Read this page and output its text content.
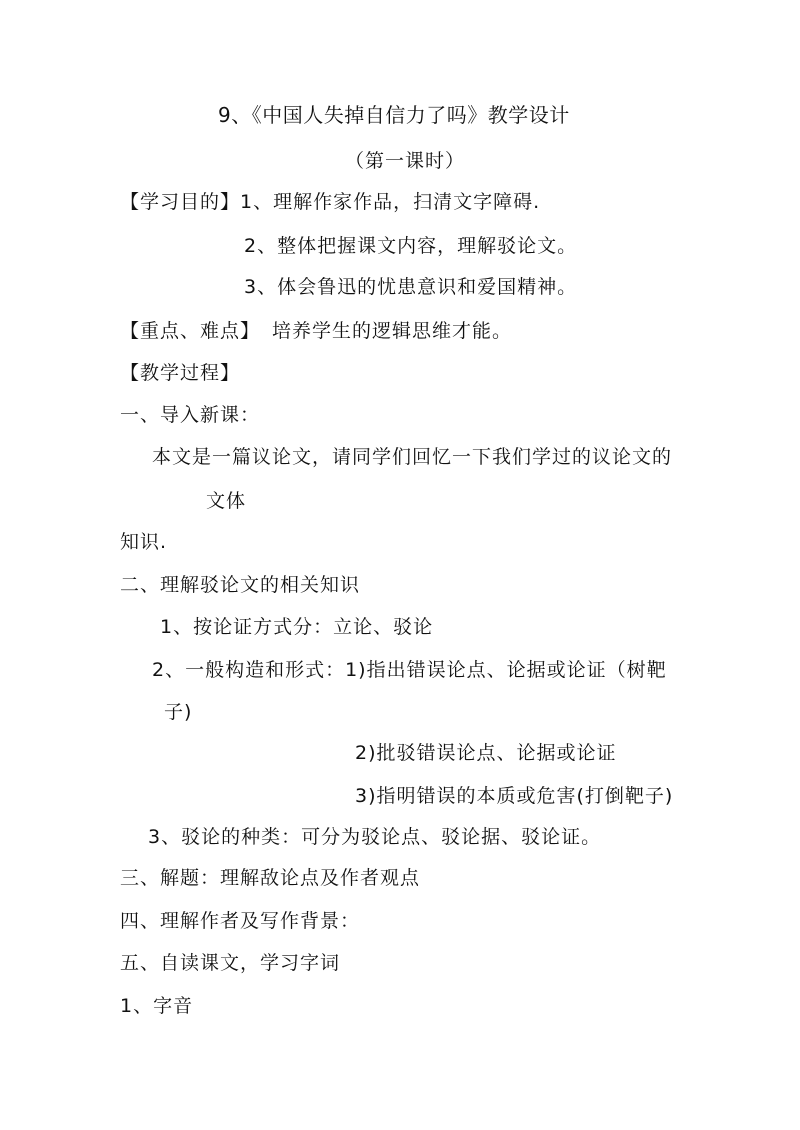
9、《中国人失掉自信力了吗》教学设计
（第一课时）
【学习目的】 1、理解作家作品，扫清文字障碍.
2、整体把握课文内容，理解驳论文。
3、体会鲁迅的忧患意识和爱国精神。
【重点、难点】 培养学生的逻辑思维才能。
【教学过程】
一、导入新课：
本文是一篇议论文，请同学们回忆一下我们学过的议论文的
文体
知识.
二、理解驳论文的相关知识
1、按论证方式分：立论、驳论
2、一般构造和形式：1)指出错误论点、论据或论证（树靶
子)
2)批驳错误论点、论据或论证
3)指明错误的本质或危害(打倒靶子)
3、驳论的种类：可分为驳论点、驳论据、驳论证。
三、解题：理解敌论点及作者观点
四、理解作者及写作背景：
五、自读课文，学习字词
1、字音
